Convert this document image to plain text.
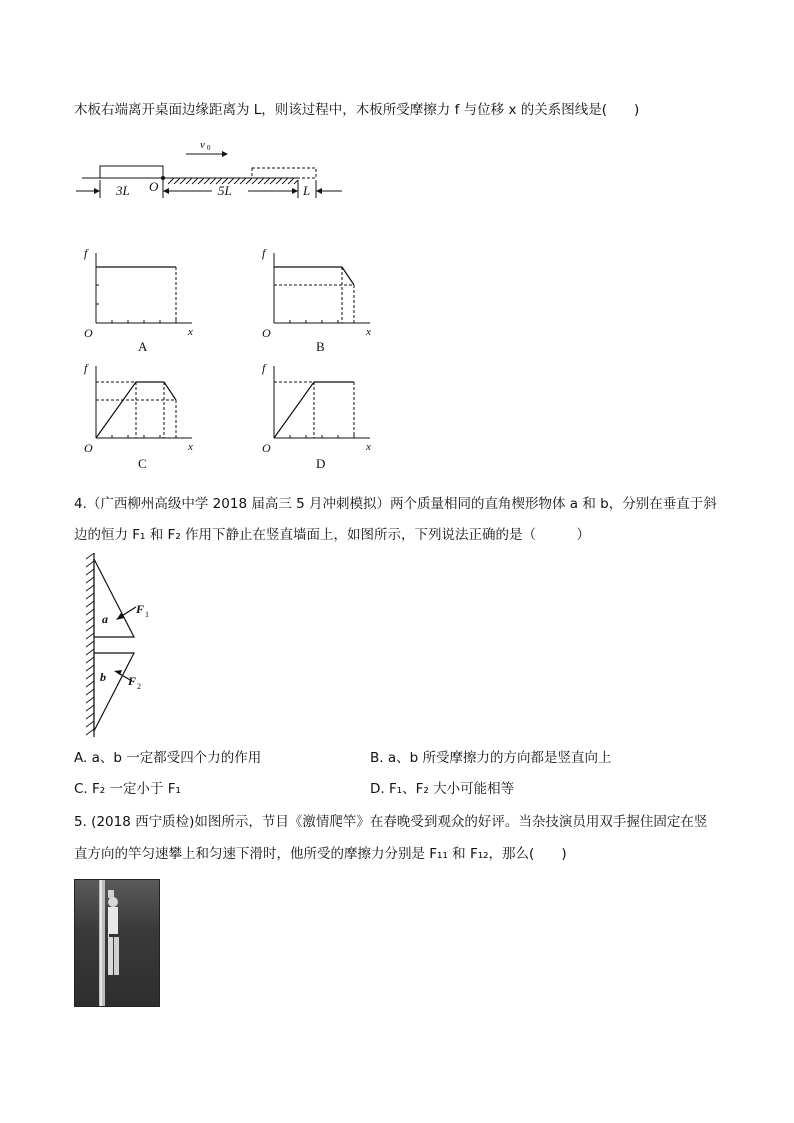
木板右端离开桌面边缘距离为 L，则该过程中，木板所受摩擦力 f 与位移 x 的关系图线是(　　)
v 0
3L O	5L	L
f
O	x
A
f
O	x
B
f
O	x
C
f
O	x
D
4.（广西柳州高级中学 2018 届高三 5 月冲刺模拟）两个质量相同的直角楔形物体 a 和 b，分别在垂直于斜
边的恒力 F₁ 和 F₂ 作用下静止在竖直墙面上，如图所示，下列说法正确的是（　　　）
a
F 1
b F 2
A. a、b 一定都受四个力的作用	B. a、b 所受摩擦力的方向都是竖直向上
C. F₂ 一定小于 F₁	D. F₁、F₂ 大小可能相等
5. (2018 西宁质检)如图所示，节目《激情爬竿》在春晚受到观众的好评。当杂技演员用双手握住固定在竖
直方向的竿匀速攀上和匀速下滑时，他所受的摩擦力分别是 F₁₁ 和 F₁₂，那么(　　)
